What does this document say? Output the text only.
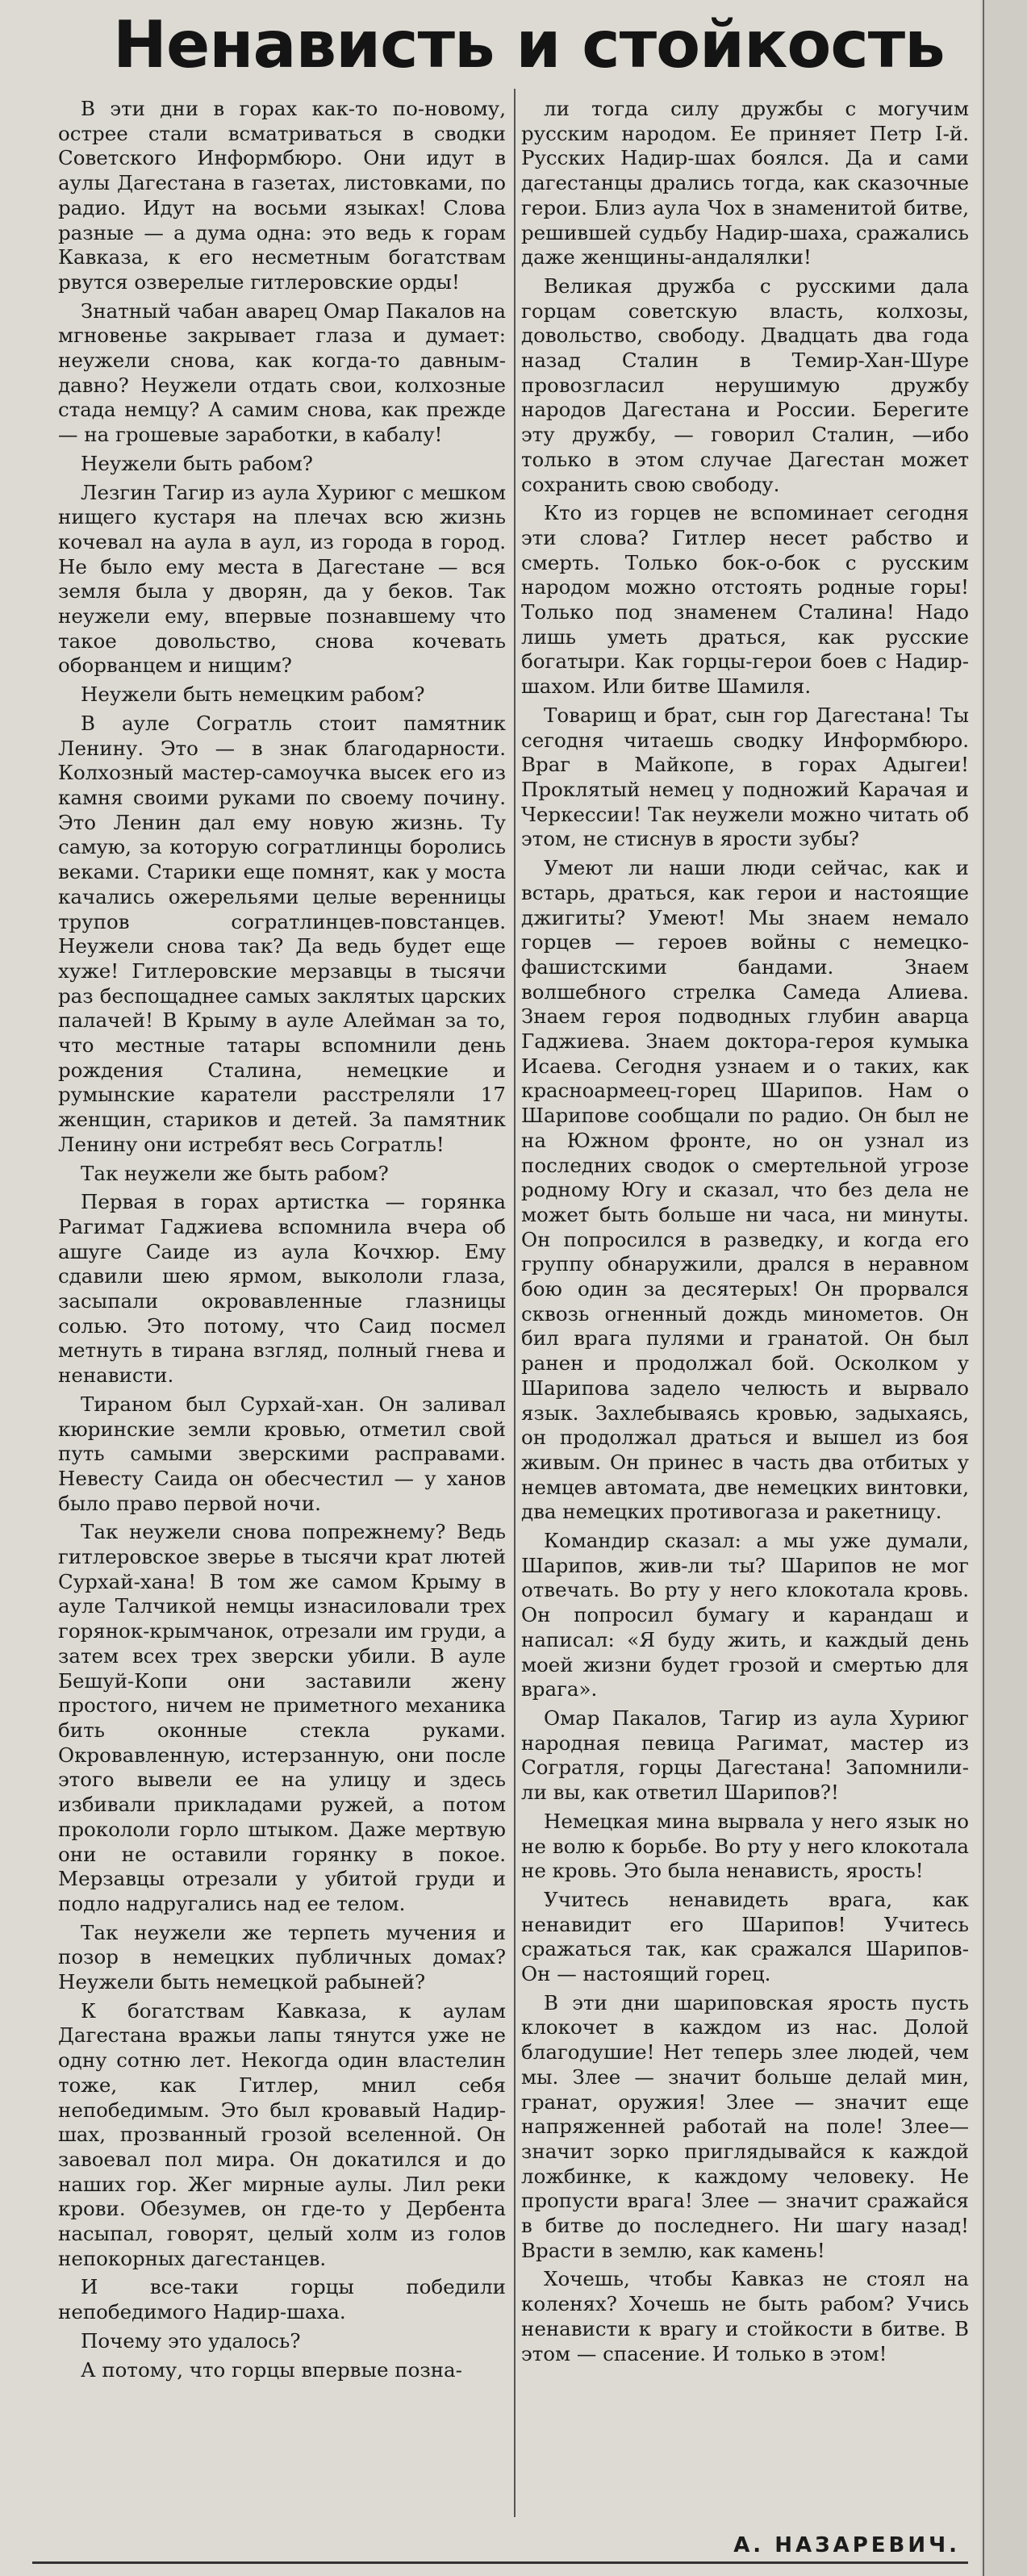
Ненависть и стойкость

В эти дни в горах как-то по-новому, острее стали всматриваться в сводки Советского Информбюро. Они идут в аулы Дагестана в газетах, листовками, по радио. Идут на восьми языках! Слова разные — а дума одна: это ведь к горам Кавказа, к его несметным богатствам рвутся озверелые гитлеровские орды!

Знатный чабан аварец Омар Пакалов на мгновенье закрывает глаза и думает: неужели снова, как когда-то давным-давно? Неужели отдать свои, колхозные стада немцу? А самим снова, как прежде — на грошевые заработки, в кабалу!

Неужели быть рабом?

Лезгин Тагир из аула Хуриюг с мешком нищего кустаря на плечах всю жизнь кочевал на аула в аул, из города в город. Не было ему места в Дагестане — вся земля была у дворян, да у беков. Так неужели ему, впервые познавшему что такое довольство, снова кочевать оборванцем и нищим?

Неужели быть немецким рабом?

В ауле Согратль стоит памятник Ленину. Это — в знак благодарности. Колхозный мастер-самоучка высек его из камня своими руками по своему почину. Это Ленин дал ему новую жизнь. Ту самую, за которую согратлинцы боролись веками. Старики еще помнят, как у моста качались ожерельями целые веренницы трупов согратлинцев-повстанцев. Неужели снова так? Да ведь будет еще хуже! Гитлеровские мерзавцы в тысячи раз беспощаднее самых заклятых царских палачей! В Крыму в ауле Алейман за то, что местные татары вспомнили день рождения Сталина, немецкие и румынские каратели расстреляли 17 женщин, стариков и детей. За памятник Ленину они истребят весь Согратль!

Так неужели же быть рабом?

Первая в горах артистка — горянка Рагимат Гаджиева вспомнила вчера об ашуге Саиде из аула Кочхюр. Ему сдавили шею ярмом, выкололи глаза, засыпали окровавленные глазницы солью. Это потому, что Саид посмел метнуть в тирана взгляд, полный гнева и ненависти.

Тираном был Сурхай-хан. Он заливал кюринские земли кровью, отметил свой путь самыми зверскими расправами. Невесту Саида он обесчестил — у ханов было право первой ночи.

Так неужели снова попрежнему? Ведь гитлеровское зверье в тысячи крат лютей Сурхай-хана! В том же самом Крыму в ауле Талчикой немцы изнасиловали трех горянок-крымчанок, отрезали им груди, а затем всех трех зверски убили. В ауле Бешуй-Копи они заставили жену простого, ничем не приметного механика бить оконные стекла руками. Окровавленную, истерзанную, они после этого вывели ее на улицу и здесь избивали прикладами ружей, а потом прокололи горло штыком. Даже мертвую они не оставили горянку в покое. Мерзавцы отрезали у убитой груди и подло надругались над ее телом.

Так неужели же терпеть мучения и позор в немецких публичных домах? Неужели быть немецкой рабыней?

К богатствам Кавказа, к аулам Дагестана вражьи лапы тянутся уже не одну сотню лет. Некогда один властелин тоже, как Гитлер, мнил себя непобедимым. Это был кровавый Надир-шах, прозванный грозой вселенной. Он завоевал пол мира. Он докатился и до наших гор. Жег мирные аулы. Лил реки крови. Обезумев, он где-то у Дербента насыпал, говорят, целый холм из голов непокорных дагестанцев.

И все-таки горцы победили непобедимого Надир-шаха.

Почему это удалось?

А потому, что горцы впервые позна-

ли тогда силу дружбы с могучим русским народом. Ее приняет Петр I-й. Русских Надир-шах боялся. Да и сами дагестанцы дрались тогда, как сказочные герои. Близ аула Чох в знаменитой битве, решившей судьбу Надир-шаха, сражались даже женщины-андалялки!

Великая дружба с русскими дала горцам советскую власть, колхозы, довольство, свободу. Двадцать два года назад Сталин в Темир-Хан-Шуре провозгласил нерушимую дружбу народов Дагестана и России. Берегите эту дружбу, — говорил Сталин, —ибо только в этом случае Дагестан может сохранить свою свободу.

Кто из горцев не вспоминает сегодня эти слова? Гитлер несет рабство и смерть. Только бок-о-бок с русским народом можно отстоять родные горы! Только под знаменем Сталина! Надо лишь уметь драться, как русские богатыри. Как горцы-герои боев с Надир-шахом. Или битве Шамиля.

Товарищ и брат, сын гор Дагестана! Ты сегодня читаешь сводку Информбюро. Враг в Майкопе, в горах Адыгеи! Проклятый немец у подножий Карачая и Черкессии! Так неужели можно читать об этом, не стиснув в ярости зубы?

Умеют ли наши люди сейчас, как и встарь, драться, как герои и настоящие джигиты? Умеют! Мы знаем немало горцев — героев войны с немецко-фашистскими бандами. Знаем волшебного стрелка Самеда Алиева. Знаем героя подводных глубин аварца Гаджиева. Знаем доктора-героя кумыка Исаева. Сегодня узнаем и о таких, как красноармеец-горец Шарипов. Нам о Шарипове сообщали по радио. Он был не на Южном фронте, но он узнал из последних сводок о смертельной угрозе родному Югу и сказал, что без дела не может быть больше ни часа, ни минуты. Он попросился в разведку, и когда его группу обнаружили, дрался в неравном бою один за десятерых! Он прорвался сквозь огненный дождь минометов. Он бил врага пулями и гранатой. Он был ранен и продолжал бой. Осколком у Шарипова задело челюсть и вырвало язык. Захлебываясь кровью, задыхаясь, он продолжал драться и вышел из боя живым. Он принес в часть два отбитых у немцев автомата, две немецких винтовки, два немецких противогаза и ракетницу.

Командир сказал: а мы уже думали, Шарипов, жив-ли ты? Шарипов не мог отвечать. Во рту у него клокотала кровь. Он попросил бумагу и карандаш и написал: «Я буду жить, и каждый день моей жизни будет грозой и смертью для врага».

Омар Пакалов, Тагир из аула Хуриюг народная певица Рагимат, мастер из Согратля, горцы Дагестана! Запомнили-ли вы, как ответил Шарипов?!

Немецкая мина вырвала у него язык но не волю к борьбе. Во рту у него клокотала не кровь. Это была ненависть, ярость!

Учитесь ненавидеть врага, как ненавидит его Шарипов! Учитесь сражаться так, как сражался Шарипов- Он — настоящий горец.

В эти дни шариповская ярость пусть клокочет в каждом из нас. Долой благодушие! Нет теперь злее людей, чем мы. Злее — значит больше делай мин, гранат, оружия! Злее — значит еще напряженней работай на поле! Злее— значит зорко приглядывайся к каждой ложбинке, к каждому человеку. Не пропусти врага! Злее — значит сражайся в битве до последнего. Ни шагу назад! Врасти в землю, как камень!

Хочешь, чтобы Кавказ не стоял на коленях? Хочешь не быть рабом? Учись ненависти к врагу и стойкости в битве. В этом — спасение. И только в этом!

А. НАЗАРЕВИЧ.
